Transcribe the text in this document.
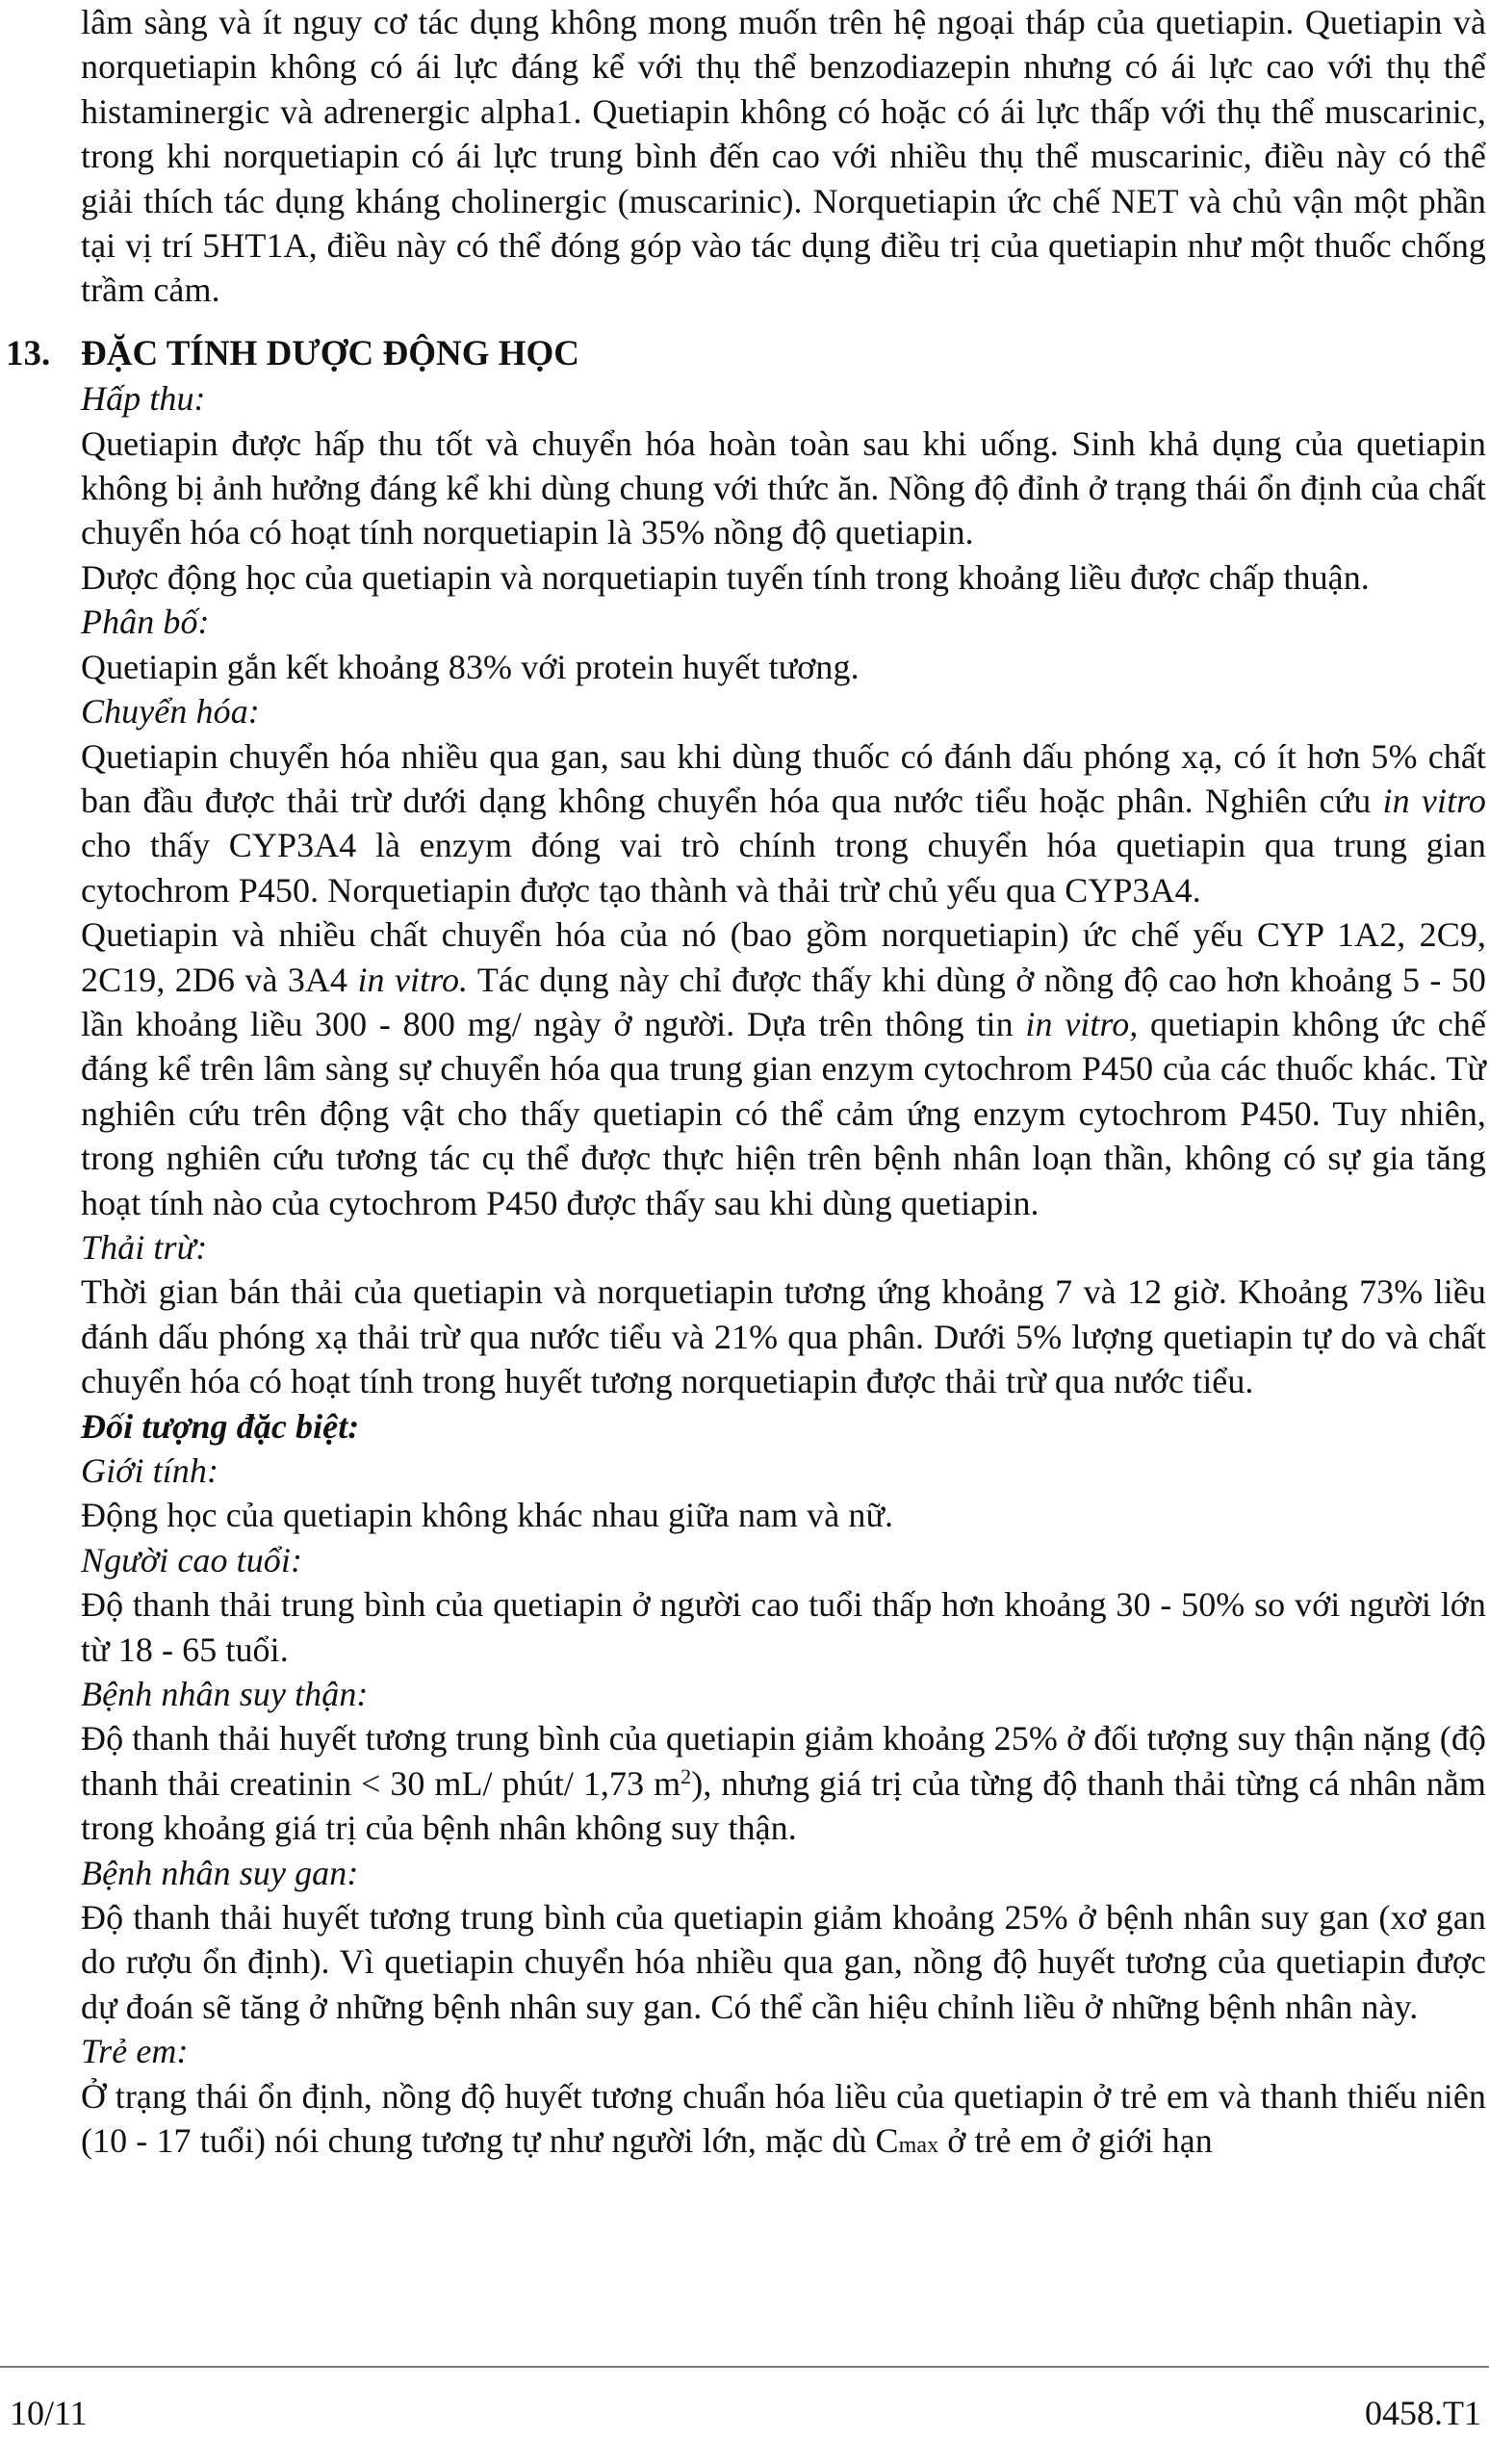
lâm sàng và ít nguy cơ tác dụng không mong muốn trên hệ ngoại tháp của quetiapin. Quetiapin và norquetiapin không có ái lực đáng kể với thụ thể benzodiazepin nhưng có ái lực cao với thụ thể histaminergic và adrenergic alpha1. Quetiapin không có hoặc có ái lực thấp với thụ thể muscarinic, trong khi norquetiapin có ái lực trung bình đến cao với nhiều thụ thể muscarinic, điều này có thể giải thích tác dụng kháng cholinergic (muscarinic). Norquetiapin ức chế NET và chủ vận một phần tại vị trí 5HT1A, điều này có thể đóng góp vào tác dụng điều trị của quetiapin như một thuốc chống trầm cảm.

13. ĐẶC TÍNH DƯỢC ĐỘNG HỌC

Hấp thu:

Quetiapin được hấp thu tốt và chuyển hóa hoàn toàn sau khi uống. Sinh khả dụng của quetiapin không bị ảnh hưởng đáng kể khi dùng chung với thức ăn. Nồng độ đỉnh ở trạng thái ổn định của chất chuyển hóa có hoạt tính norquetiapin là 35% nồng độ quetiapin.

Dược động học của quetiapin và norquetiapin tuyến tính trong khoảng liều được chấp thuận.

Phân bố:

Quetiapin gắn kết khoảng 83% với protein huyết tương.

Chuyển hóa:

Quetiapin chuyển hóa nhiều qua gan, sau khi dùng thuốc có đánh dấu phóng xạ, có ít hơn 5% chất ban đầu được thải trừ dưới dạng không chuyển hóa qua nước tiểu hoặc phân. Nghiên cứu in vitro cho thấy CYP3A4 là enzym đóng vai trò chính trong chuyển hóa quetiapin qua trung gian cytochrom P450. Norquetiapin được tạo thành và thải trừ chủ yếu qua CYP3A4.

Quetiapin và nhiều chất chuyển hóa của nó (bao gồm norquetiapin) ức chế yếu CYP 1A2, 2C9, 2C19, 2D6 và 3A4 in vitro. Tác dụng này chỉ được thấy khi dùng ở nồng độ cao hơn khoảng 5 - 50 lần khoảng liều 300 - 800 mg/ ngày ở người. Dựa trên thông tin in vitro, quetiapin không ức chế đáng kể trên lâm sàng sự chuyển hóa qua trung gian enzym cytochrom P450 của các thuốc khác. Từ nghiên cứu trên động vật cho thấy quetiapin có thể cảm ứng enzym cytochrom P450. Tuy nhiên, trong nghiên cứu tương tác cụ thể được thực hiện trên bệnh nhân loạn thần, không có sự gia tăng hoạt tính nào của cytochrom P450 được thấy sau khi dùng quetiapin.

Thải trừ:

Thời gian bán thải của quetiapin và norquetiapin tương ứng khoảng 7 và 12 giờ. Khoảng 73% liều đánh dấu phóng xạ thải trừ qua nước tiểu và 21% qua phân. Dưới 5% lượng quetiapin tự do và chất chuyển hóa có hoạt tính trong huyết tương norquetiapin được thải trừ qua nước tiểu.

Đối tượng đặc biệt:

Giới tính:

Động học của quetiapin không khác nhau giữa nam và nữ.

Người cao tuổi:

Độ thanh thải trung bình của quetiapin ở người cao tuổi thấp hơn khoảng 30 - 50% so với người lớn từ 18 - 65 tuổi.

Bệnh nhân suy thận:

Độ thanh thải huyết tương trung bình của quetiapin giảm khoảng 25% ở đối tượng suy thận nặng (độ thanh thải creatinin < 30 mL/ phút/ 1,73 $m^2$), nhưng giá trị của từng độ thanh thải từng cá nhân nằm trong khoảng giá trị của bệnh nhân không suy thận.

Bệnh nhân suy gan:

Độ thanh thải huyết tương trung bình của quetiapin giảm khoảng 25% ở bệnh nhân suy gan (xơ gan do rượu ổn định). Vì quetiapin chuyển hóa nhiều qua gan, nồng độ huyết tương của quetiapin được dự đoán sẽ tăng ở những bệnh nhân suy gan. Có thể cần hiệu chỉnh liều ở những bệnh nhân này.

Trẻ em:

Ở trạng thái ổn định, nồng độ huyết tương chuẩn hóa liều của quetiapin ở trẻ em và thanh thiếu niên (10 - 17 tuổi) nói chung tương tự như người lớn, mặc dù Cmax ở trẻ em ở giới hạn

10/11	0458.T1
